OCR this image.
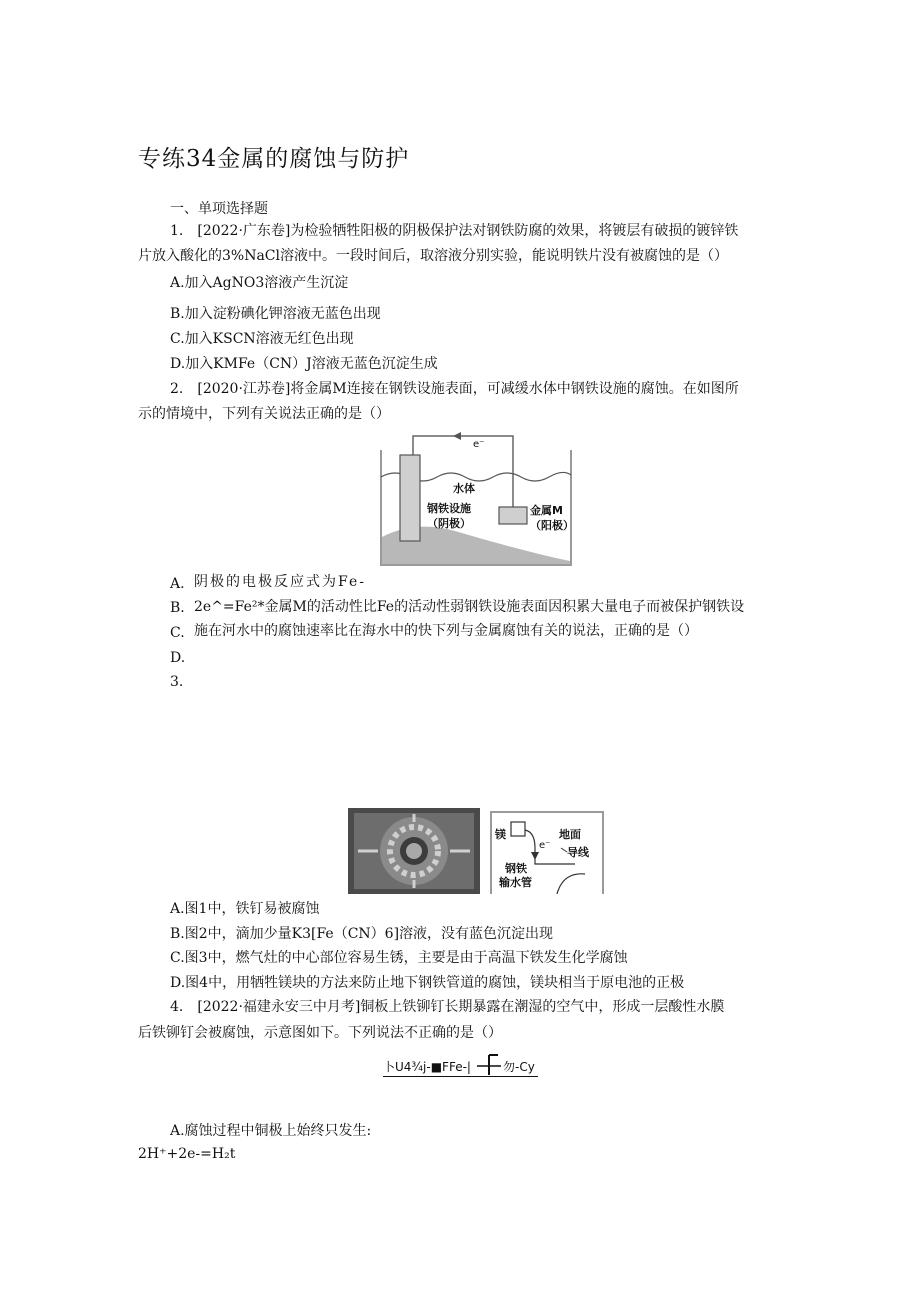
专练34金属的腐蚀与防护
一、单项选择题
1.　[2022·广东卷]为检验牺牲阳极的阴极保护法对钢铁防腐的效果，将镀层有破损的镀锌铁
片放入酸化的3%NaCl溶液中。一段时间后，取溶液分别实验，能说明铁片没有被腐蚀的是（）
A.加入AgNO3溶液产生沉淀
B.加入淀粉碘化钾溶液无蓝色出现
C.加入KSCN溶液无红色出现
D.加入KMFe（CN）J溶液无蓝色沉淀生成
2.　[2020·江苏卷]将金属M连接在钢铁设施表面，可减缓水体中钢铁设施的腐蚀。在如图所
示的情境中，下列有关说法正确的是（）
e⁻
水体
钢铁设施
（阴极）
金属M
（阳极）
A. 阴极的电极反应式为Fe-
B. 2e^=Fe²*金属M的活动性比Fe的活动性弱钢铁设施表面因积累大量电子而被保护钢铁设
C. 施在河水中的腐蚀速率比在海水中的快下列与金属腐蚀有关的说法，正确的是（）
D.
3.
镁
e⁻
地面
导线
钢铁
输水管
A.图1中，铁钉易被腐蚀
B.图2中，滴加少量K3[Fe（CN）6]溶液，没有蓝色沉淀出现
C.图3中，燃气灶的中心部位容易生锈，主要是由于高温下铁发生化学腐蚀
D.图4中，用牺牲镁块的方法来防止地下钢铁管道的腐蚀，镁块相当于原电池的正极
4.　[2022·福建永安三中月考]铜板上铁铆钉长期暴露在潮湿的空气中，形成一层酸性水膜
后铁铆钉会被腐蚀，示意图如下。下列说法不正确的是（）
卜U4¾j-■FFe-|	勿-Cy
A.腐蚀过程中铜极上始终只发生:
2H⁺+2e-=H₂t
